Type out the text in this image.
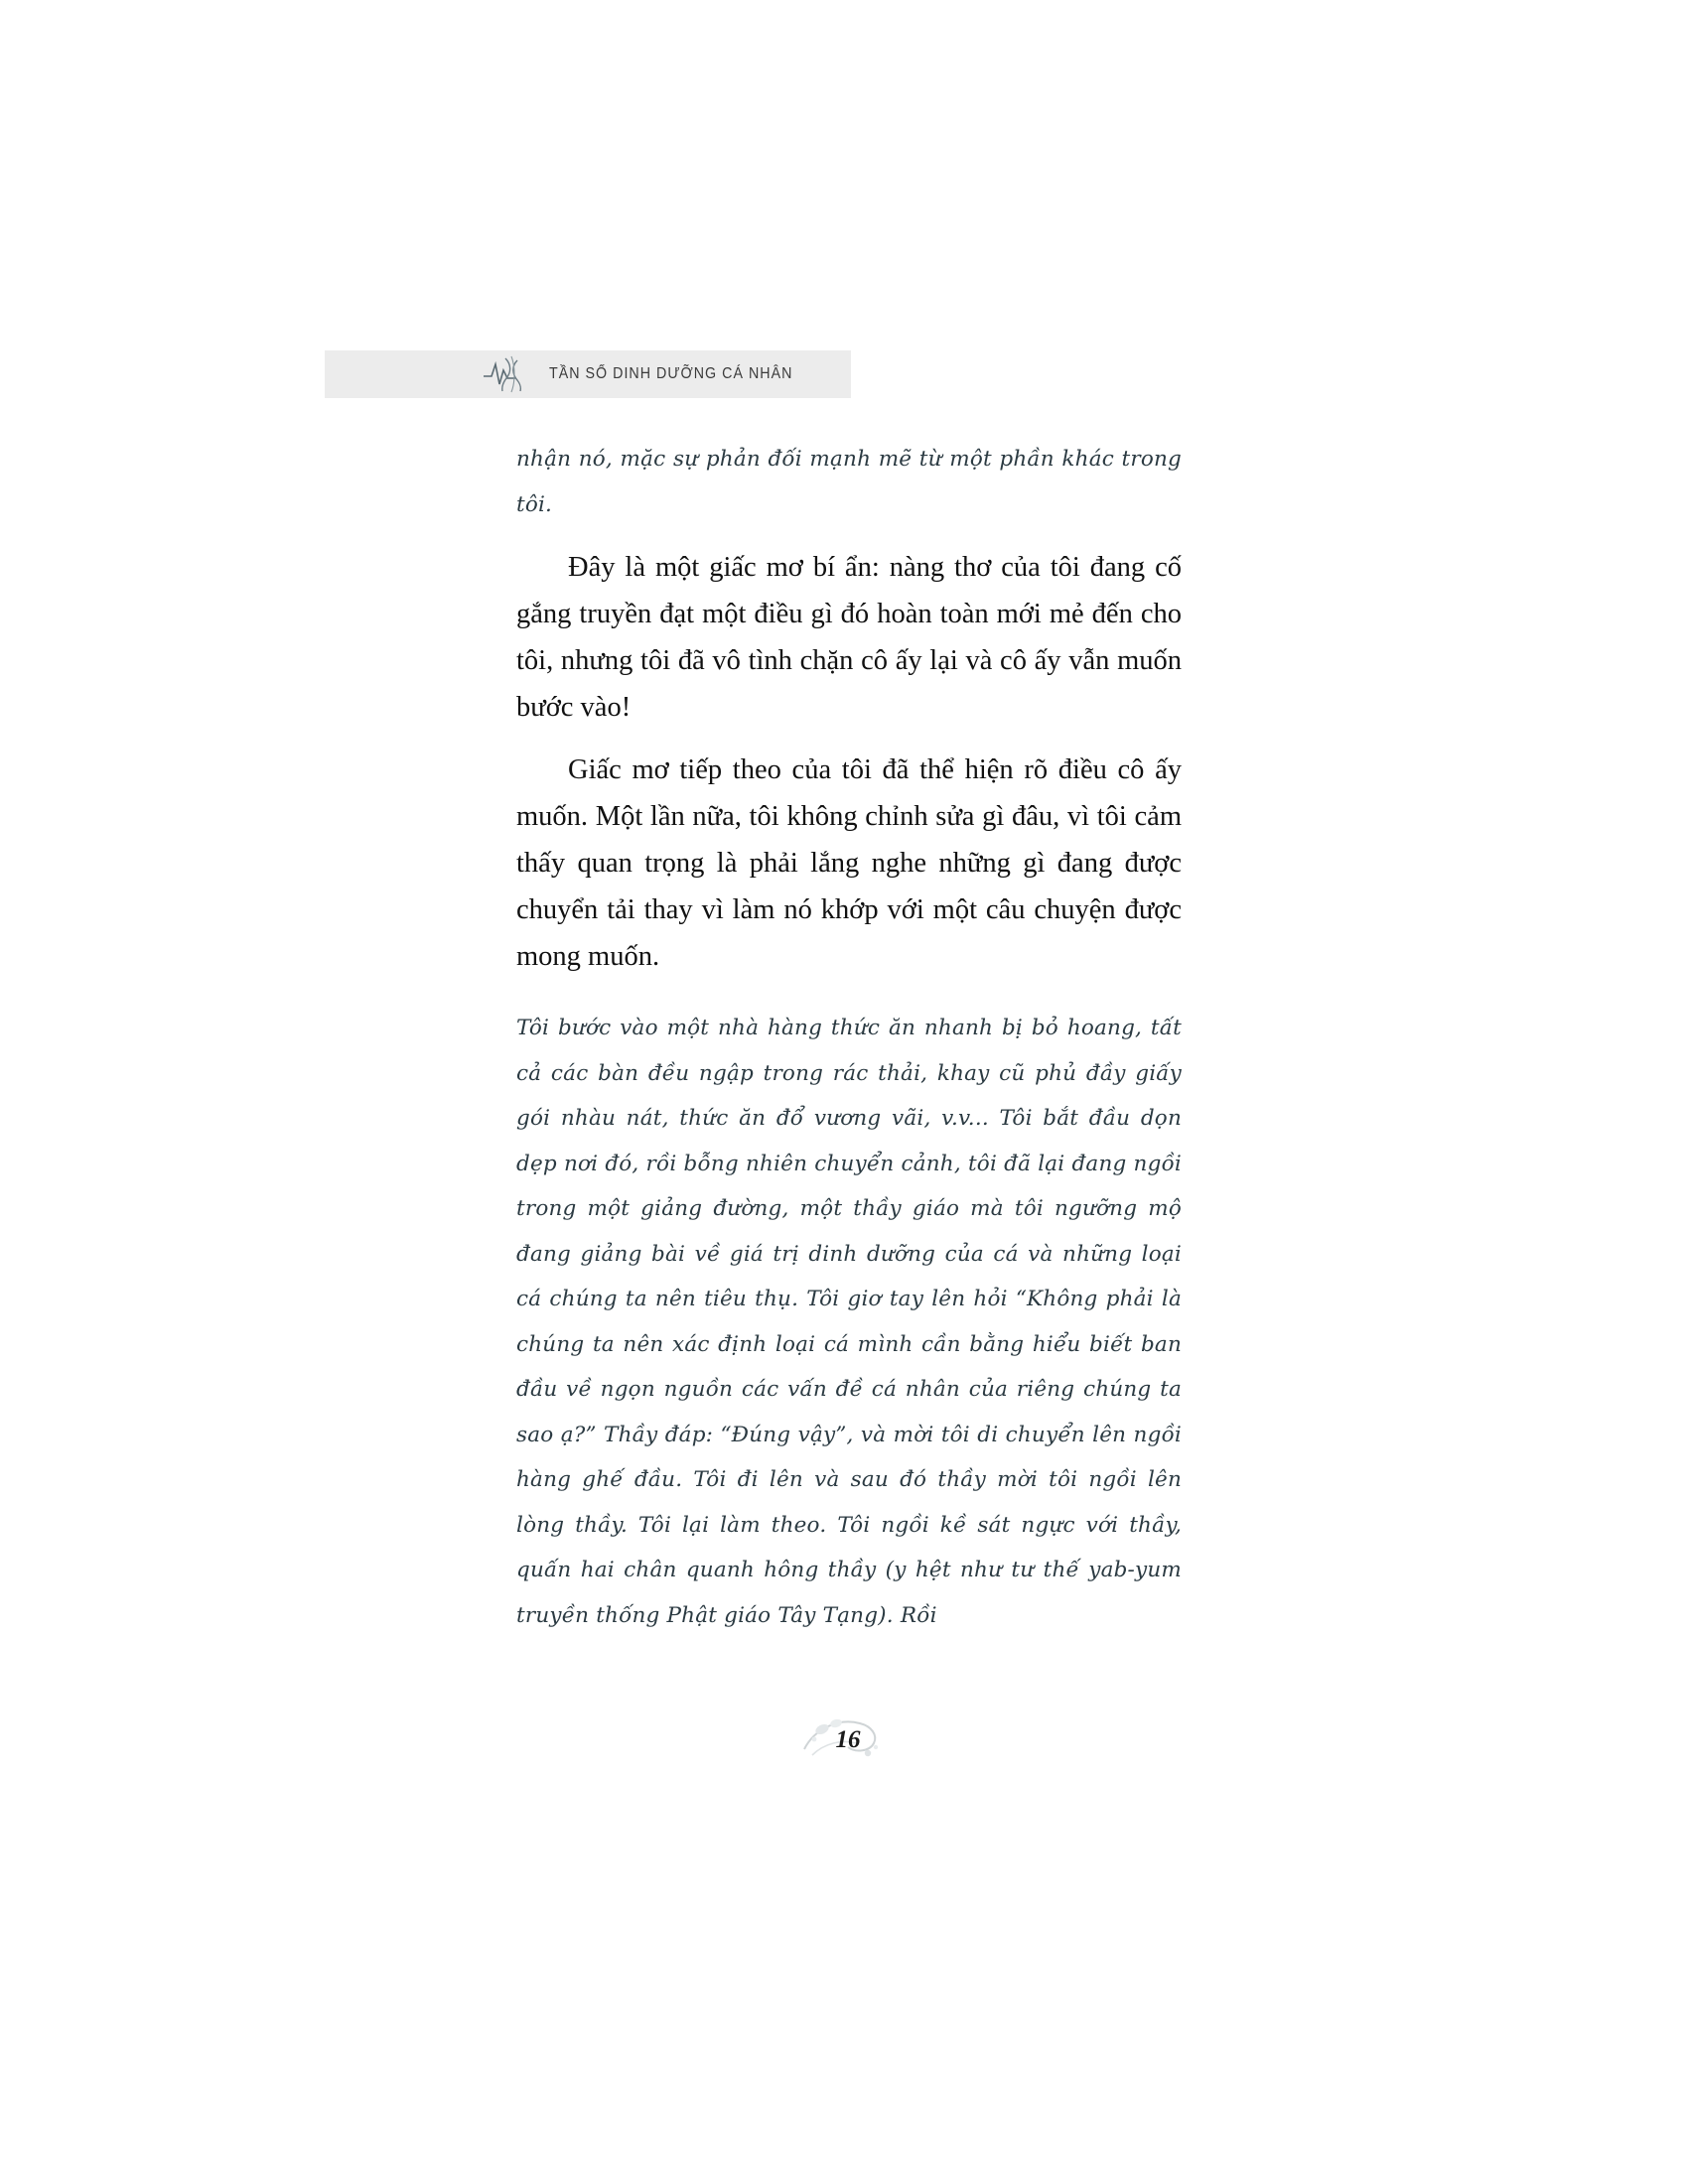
TẦN SỐ DINH DƯỠNG CÁ NHÂN

nhận nó, mặc sự phản đối mạnh mẽ từ một phần khác trong tôi.

Đây là một giấc mơ bí ẩn: nàng thơ của tôi đang cố gắng truyền đạt một điều gì đó hoàn toàn mới mẻ đến cho tôi, nhưng tôi đã vô tình chặn cô ấy lại và cô ấy vẫn muốn bước vào!

Giấc mơ tiếp theo của tôi đã thể hiện rõ điều cô ấy muốn. Một lần nữa, tôi không chỉnh sửa gì đâu, vì tôi cảm thấy quan trọng là phải lắng nghe những gì đang được chuyển tải thay vì làm nó khớp với một câu chuyện được mong muốn.

Tôi bước vào một nhà hàng thức ăn nhanh bị bỏ hoang, tất cả các bàn đều ngập trong rác thải, khay cũ phủ đầy giấy gói nhàu nát, thức ăn đổ vương vãi, v.v... Tôi bắt đầu dọn dẹp nơi đó, rồi bỗng nhiên chuyển cảnh, tôi đã lại đang ngồi trong một giảng đường, một thầy giáo mà tôi ngưỡng mộ đang giảng bài về giá trị dinh dưỡng của cá và những loại cá chúng ta nên tiêu thụ. Tôi giơ tay lên hỏi “Không phải là chúng ta nên xác định loại cá mình cần bằng hiểu biết ban đầu về ngọn nguồn các vấn đề cá nhân của riêng chúng ta sao ạ?” Thầy đáp: “Đúng vậy”, và mời tôi di chuyển lên ngồi hàng ghế đầu. Tôi đi lên và sau đó thầy mời tôi ngồi lên lòng thầy. Tôi lại làm theo. Tôi ngồi kề sát ngực với thầy, quấn hai chân quanh hông thầy (y hệt như tư thế yab-yum truyền thống Phật giáo Tây Tạng). Rồi

16
